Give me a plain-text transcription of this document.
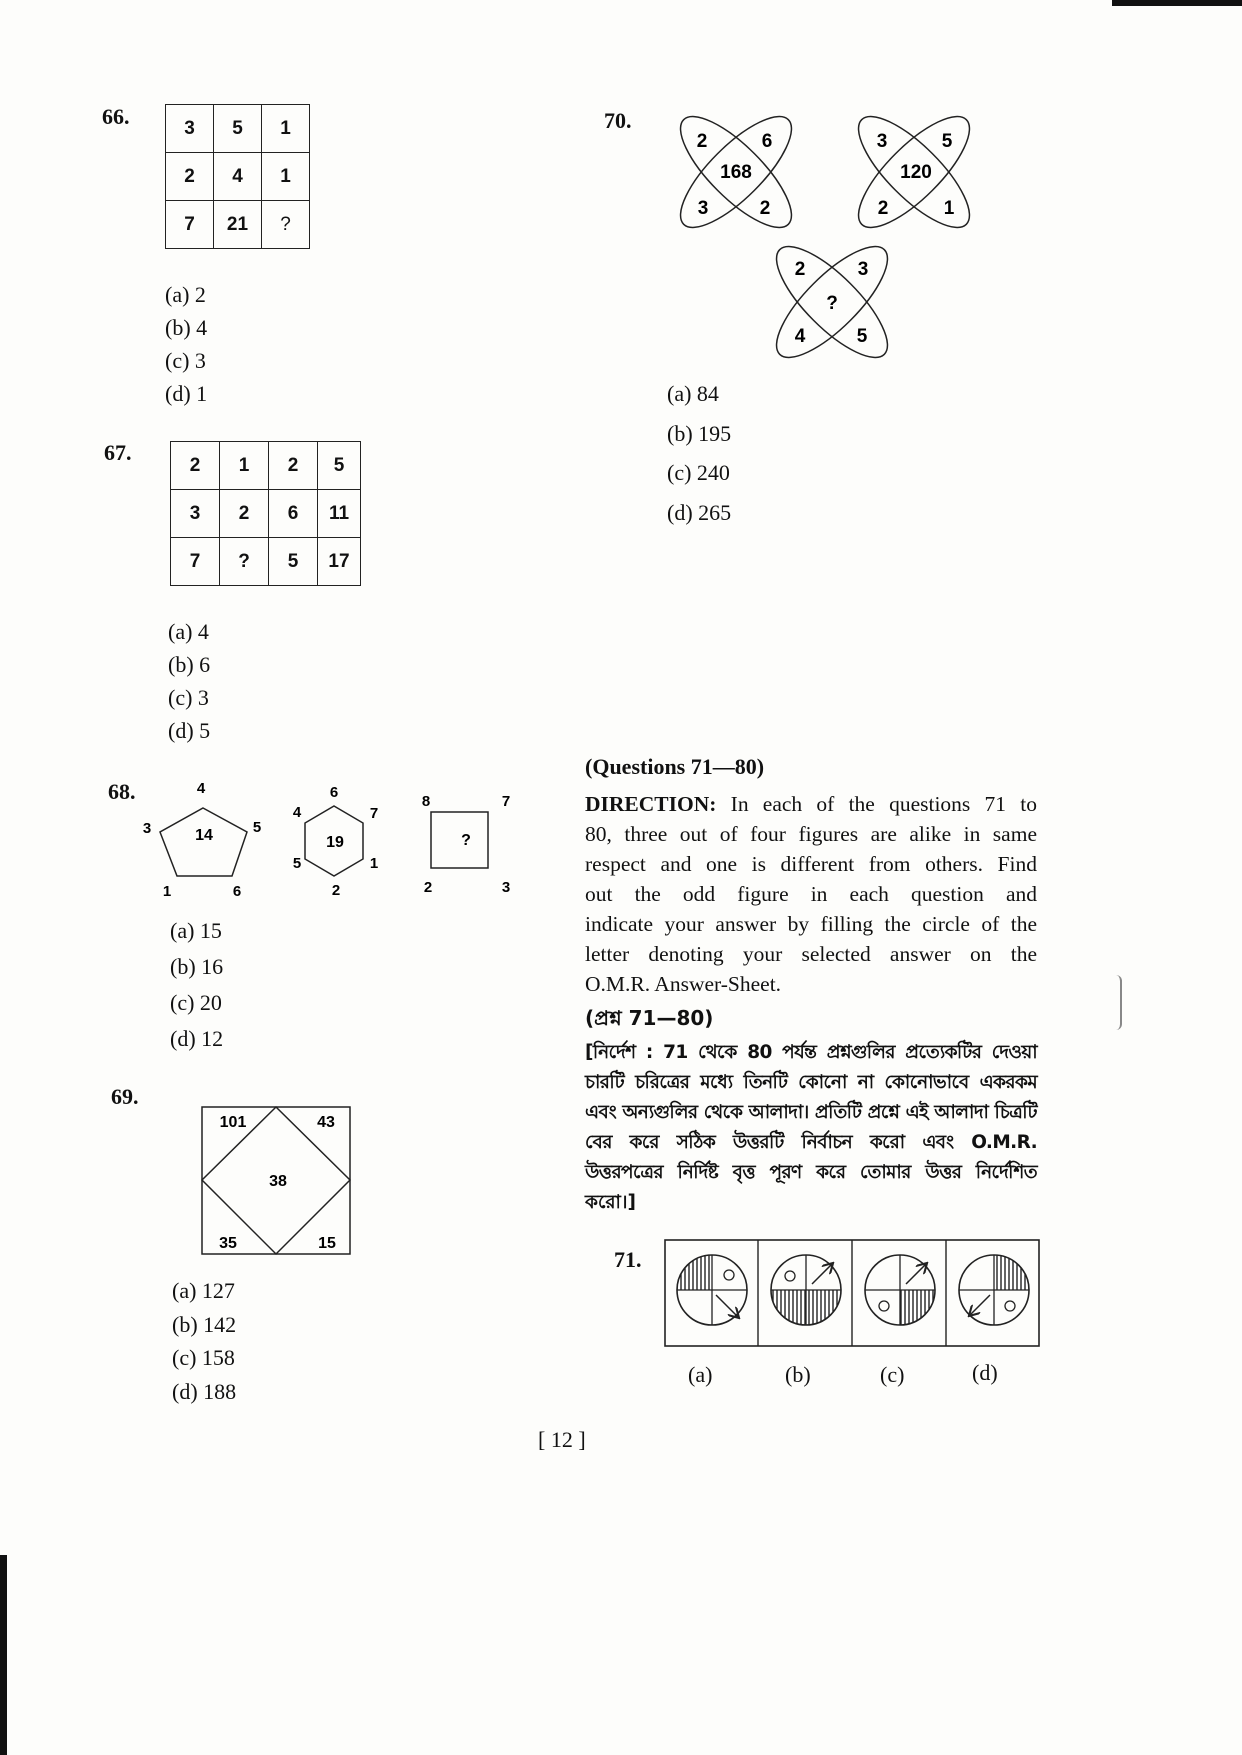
66.	3	5	1
2	4	1
7	21	?
(a) 2
(b) 4
(c) 3
(d) 1
67.	2	1	2	5
3	2	6	11
7	?	5	17
(a) 4
(b) 6
(c) 3
(d) 5
68.
14
4
5
6
1
3
19
6
7
1
2
5
4
?
8	7
2	3
(a) 15
(b) 16
(c) 20
(d) 12
69.
101	43
38
35	15
(a) 127
(b) 142
(c) 158
(d) 188
70.
2	6
168
3	2
3	5
120
2	1
2	3
?
4	5
(a) 84
(b) 195
(c) 240
(d) 265
(Questions 71—80)
DIRECTION: In each of the questions 71 to
80, three out of four figures are alike in same
respect and one is different from others. Find
out the odd figure in each question and
indicate your answer by filling the circle of the
letter denoting your selected answer on the
O.M.R. Answer-Sheet.
(প্রশ্ন 71—80)
[নির্দেশ : 71 থেকে 80 পর্যন্ত প্রশ্নগুলির প্রত্যেকটির দেওয়া
চারটি চরিত্রের মধ্যে তিনটি কোনো না কোনোভাবে একরকম
এবং অন্যগুলির থেকে আলাদা। প্রতিটি প্রশ্নে এই আলাদা চিত্রটি
বের করে সঠিক উত্তরটি নির্বাচন করো এবং O.M.R.
উত্তরপত্রের নির্দিষ্ট বৃত্ত পূরণ করে তোমার উত্তর নির্দেশিত
করো।]
71.
(a)	(b)	(c)	(d)
[ 12 ]
